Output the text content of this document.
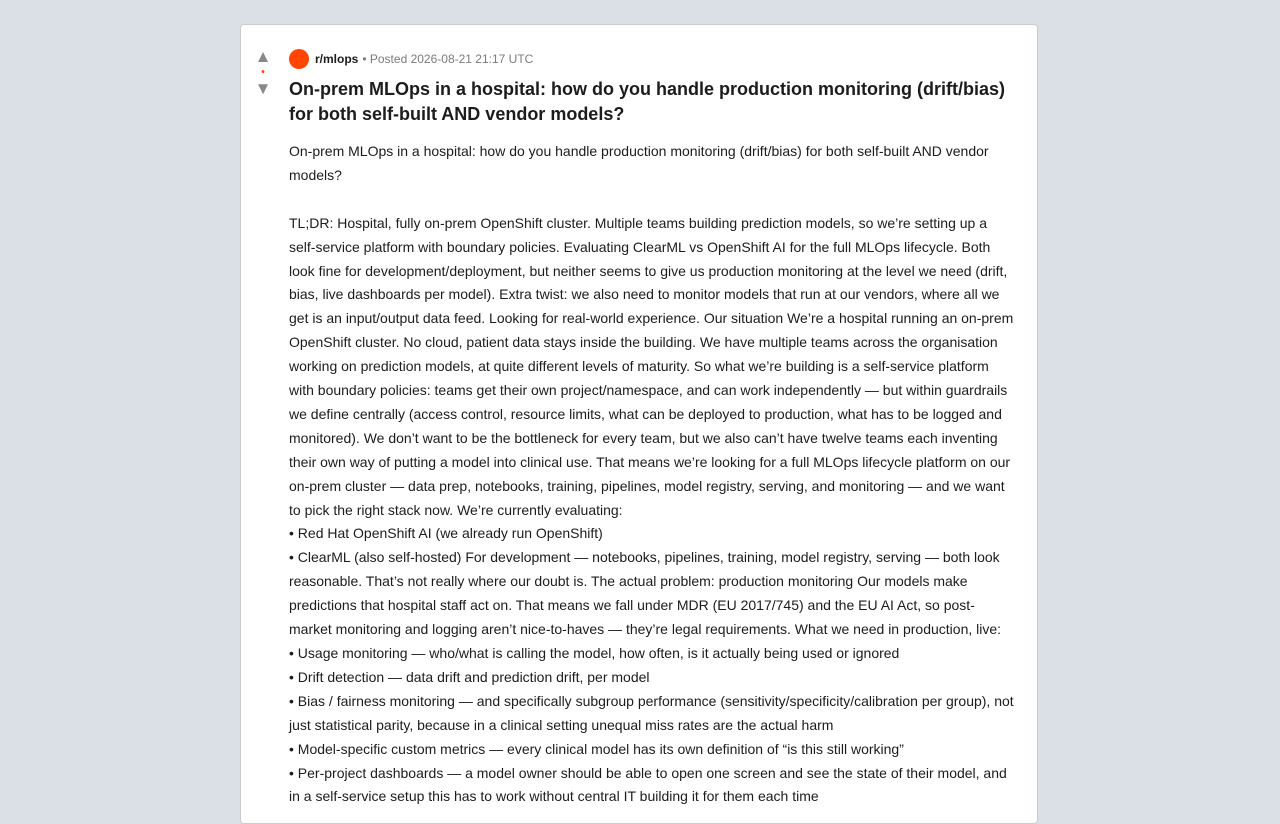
▲
•
▼
r/mlops • Posted 2026-08-21 21:17 UTC
On-prem MLOps in a hospital: how do you handle production monitoring (drift/bias) for both self-built AND vendor models?

On-prem MLOps in a hospital: how do you handle production monitoring (drift/bias) for both self-built AND vendor models?

TL;DR: Hospital, fully on-prem OpenShift cluster. Multiple teams building prediction models, so we’re setting up a self-service platform with boundary policies. Evaluating ClearML vs OpenShift AI for the full MLOps lifecycle. Both look fine for development/deployment, but neither seems to give us production monitoring at the level we need (drift, bias, live dashboards per model). Extra twist: we also need to monitor models that run at our vendors, where all we get is an input/output data feed. Looking for real-world experience. Our situation We’re a hospital running an on-prem OpenShift cluster. No cloud, patient data stays inside the building. We have multiple teams across the organisation working on prediction models, at quite different levels of maturity. So what we’re building is a self-service platform with boundary policies: teams get their own project/namespace, and can work independently — but within guardrails we define centrally (access control, resource limits, what can be deployed to production, what has to be logged and monitored). We don’t want to be the bottleneck for every team, but we also can’t have twelve teams each inventing their own way of putting a model into clinical use. That means we’re looking for a full MLOps lifecycle platform on our on-prem cluster — data prep, notebooks, training, pipelines, model registry, serving, and monitoring — and we want to pick the right stack now. We’re currently evaluating:

• Red Hat OpenShift AI (we already run OpenShift)

• ClearML (also self-hosted) For development — notebooks, pipelines, training, model registry, serving — both look reasonable. That’s not really where our doubt is. The actual problem: production monitoring Our models make predictions that hospital staff act on. That means we fall under MDR (EU 2017/745) and the EU AI Act, so post-market monitoring and logging aren’t nice-to-haves — they’re legal requirements. What we need in production, live:

• Usage monitoring — who/what is calling the model, how often, is it actually being used or ignored

• Drift detection — data drift and prediction drift, per model

• Bias / fairness monitoring — and specifically subgroup performance (sensitivity/specificity/calibration per group), not just statistical parity, because in a clinical setting unequal miss rates are the actual harm

• Model-specific custom metrics — every clinical model has its own definition of “is this still working”

• Per-project dashboards — a model owner should be able to open one screen and see the state of their model, and in a self-service setup this has to work without central IT building it for them each time
